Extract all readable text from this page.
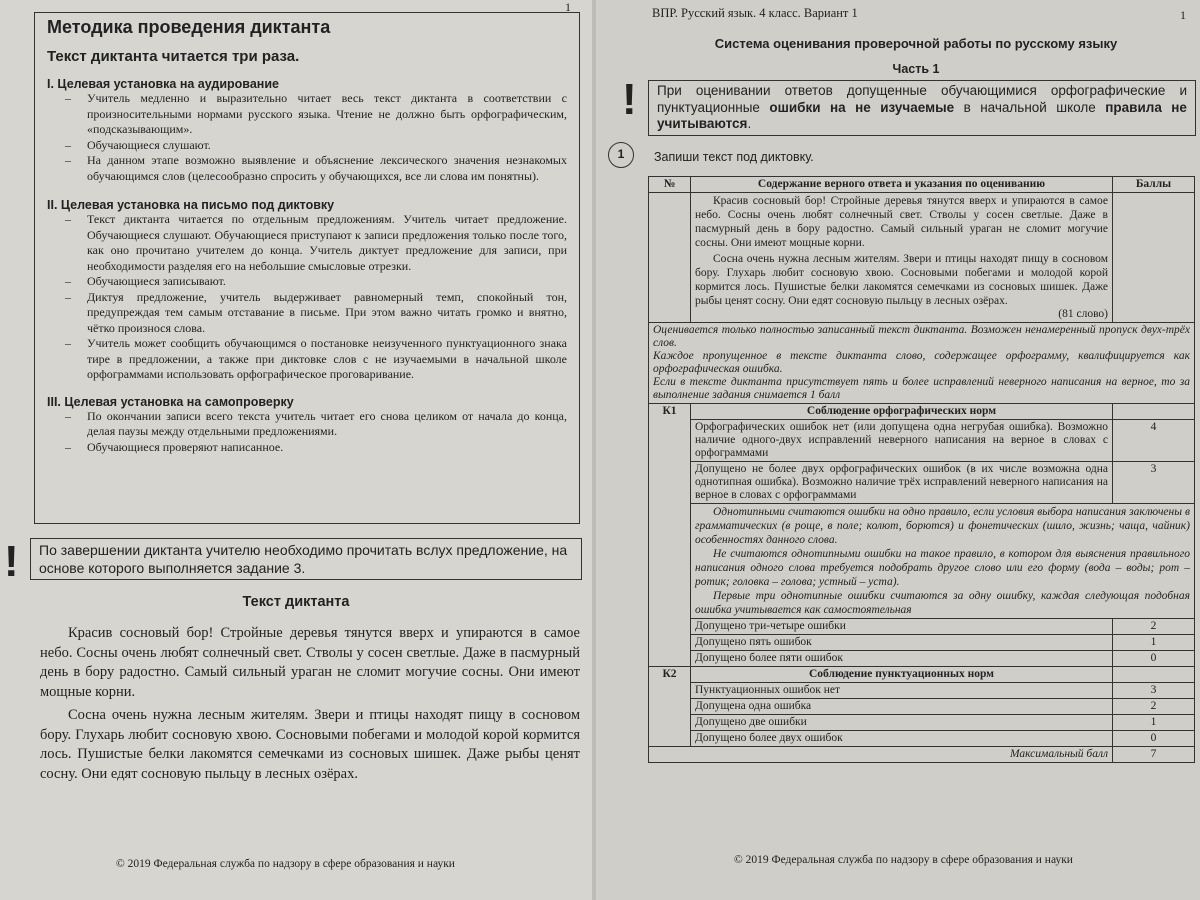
1
Методика проведения диктанта
Текст диктанта читается три раза.
I. Целевая установка на аудирование
– Учитель медленно и выразительно читает весь текст диктанта в соответствии с произносительными нормами русского языка. Чтение не должно быть орфографическим, «подсказывающим».
– Обучающиеся слушают.
– На данном этапе возможно выявление и объяснение лексического значения незнакомых обучающимся слов (целесообразно спросить у обучающихся, все ли слова им понятны).
II. Целевая установка на письмо под диктовку
– Текст диктанта читается по отдельным предложениям. Учитель читает предложение. Обучающиеся слушают. Обучающиеся приступают к записи предложения только после того, как оно прочитано учителем до конца. Учитель диктует предложение для записи, при необходимости разделяя его на небольшие смысловые отрезки.
– Обучающиеся записывают.
– Диктуя предложение, учитель выдерживает равномерный темп, спокойный тон, предупреждая тем самым отставание в письме. При этом важно читать громко и внятно, чётко произнося слова.
– Учитель может сообщить обучающимся о постановке неизученного пунктуационного знака тире в предложении, а также при диктовке слов с не изучаемыми в начальной школе орфограммами использовать орфографическое проговаривание.
III. Целевая установка на самопроверку
– По окончании записи всего текста учитель читает его снова целиком от начала до конца, делая паузы между отдельными предложениями.
– Обучающиеся проверяют написанное.
!	По завершении диктанта учителю необходимо прочитать вслух предложение, на основе которого выполняется задание 3.
Текст диктанта

Красив сосновый бор! Стройные деревья тянутся вверх и упираются в самое небо. Сосны очень любят солнечный свет. Стволы у сосен светлые. Даже в пасмурный день в бору радостно. Самый сильный ураган не сломит могучие сосны. Они имеют мощные корни.

Сосна очень нужна лесным жителям. Звери и птицы находят пищу в сосновом бору. Глухарь любит сосновую хвою. Сосновыми побегами и молодой корой кормится лось. Пушистые белки лакомятся семечками из сосновых шишек. Даже рыбы ценят сосну. Они едят сосновую пыльцу в лесных озёрах.

© 2019 Федеральная служба по надзору в сфере образования и науки
ВПР. Русский язык. 4 класс. Вариант 1	1
Система оценивания проверочной работы по русскому языку
Часть 1
!	При оценивании ответов допущенные обучающимися орфографические и пунктуационные ошибки на не изучаемые в начальной школе правила не учитываются.
1	Запиши текст под диктовку.
№	Содержание верного ответа и указания по оцениванию	Баллы

	Красив сосновый бор! Стройные деревья тянутся вверх и упираются в самое небо. Сосны очень любят солнечный свет. Стволы у сосен светлые. Даже в пасмурный день в бору радостно. Самый сильный ураган не сломит могучие сосны. Они имеют мощные корни.

Сосна очень нужна лесным жителям. Звери и птицы находят пищу в сосновом бору. Глухарь любит сосновую хвою. Сосновыми побегами и молодой корой кормится лось. Пушистые белки лакомятся семечками из сосновых шишек. Даже рыбы ценят сосну. Они едят сосновую пыльцу в лесных озёрах.

(81 слово)	

Оценивается только полностью записанный текст диктанта. Возможен ненамеренный пропуск двух-трёх слов.
Каждое пропущенное в тексте диктанта слово, содержащее орфограмму, квалифицируется как орфографическая ошибка.
Если в тексте диктанта присутствует пять и более исправлений неверного написания на верное, то за выполнение задания снимается 1 балл		

К1	Соблюдение орфографических норм	
	Орфографических ошибок нет (или допущена одна негрубая ошибка). Возможно наличие одного-двух исправлений неверного написания на верное в словах с орфограммами	4
	Допущено не более двух орфографических ошибок (в их числе возможна одна однотипная ошибка). Возможно наличие трёх исправлений неверного написания на верное в словах с орфограммами	3

	Однотипными считаются ошибки на одно правило, если условия выбора написания заключены в грамматических (в роще, в поле; колют, борются) и фонетических (шило, жизнь; чаща, чайник) особенностях данного слова.

Не считаются однотипными ошибки на такое правило, в котором для выяснения правильного написания одного слова требуется подобрать другое слово или его форму (вода – воды; рот – ротик; головка – голова; устный – уста).

Первые три однотипные ошибки считаются за одну ошибку, каждая следующая подобная ошибка учитывается как самостоятельная	

	Допущено три-четыре ошибки	2
	Допущено пять ошибок	1
	Допущено более пяти ошибок	0
К2	Соблюдение пунктуационных норм	
	Пунктуационных ошибок нет	3
	Допущена одна ошибка	2
	Допущено две ошибки	1
	Допущено более двух ошибок	0
Максимальный балл		7
© 2019 Федеральная служба по надзору в сфере образования и науки
